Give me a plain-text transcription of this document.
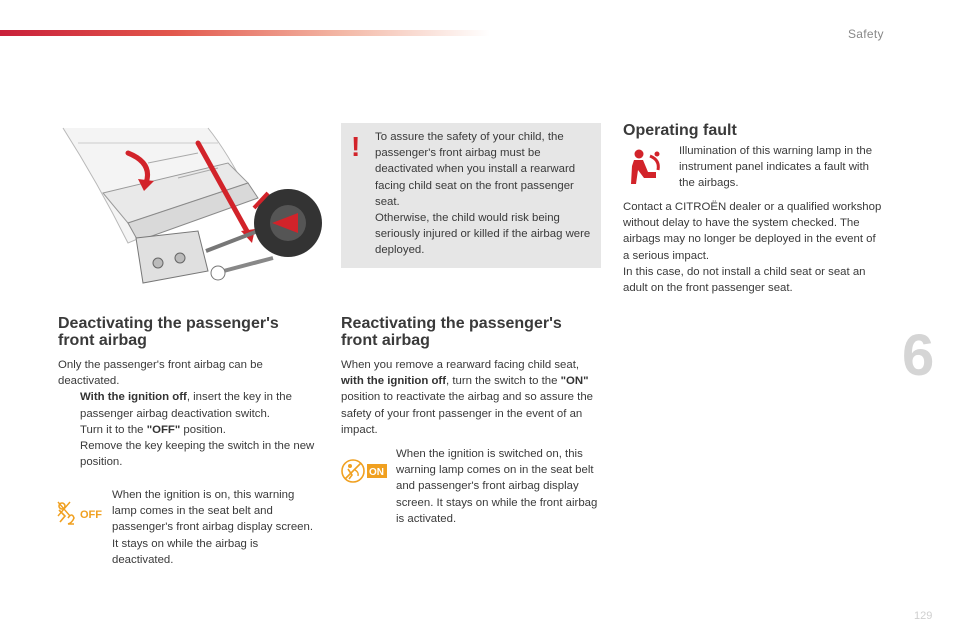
Safety
! To assure the safety of your child, the passenger's front airbag must be deactivated when you install a rearward facing child seat on the front passenger seat.

Otherwise, the child would risk being seriously injured or killed if the airbag were deployed.

Deactivating the passenger's front airbag

Only the passenger's front airbag can be deactivated.

With the ignition off, insert the key in the passenger airbag deactivation switch.
Turn it to the "OFF" position.
Remove the key keeping the switch in the new position.
OFF

When the ignition is on, this warning lamp comes in the seat belt and passenger's front airbag display screen. It stays on while the airbag is deactivated.

Reactivating the passenger's front airbag

When you remove a rearward facing child seat, with the ignition off, turn the switch to the "ON" position to reactivate the airbag and so assure the safety of your front passenger in the event of an impact.

ON

When the ignition is switched on, this warning lamp comes on in the seat belt and passenger's front airbag display screen. It stays on while the front airbag is activated.

Operating fault

Illumination of this warning lamp in the instrument panel indicates a fault with the airbags.

Contact a CITROËN dealer or a qualified workshop without delay to have the system checked. The airbags may no longer be deployed in the event of a serious impact.

In this case, do not install a child seat or seat an adult on the front passenger seat.

6
129
